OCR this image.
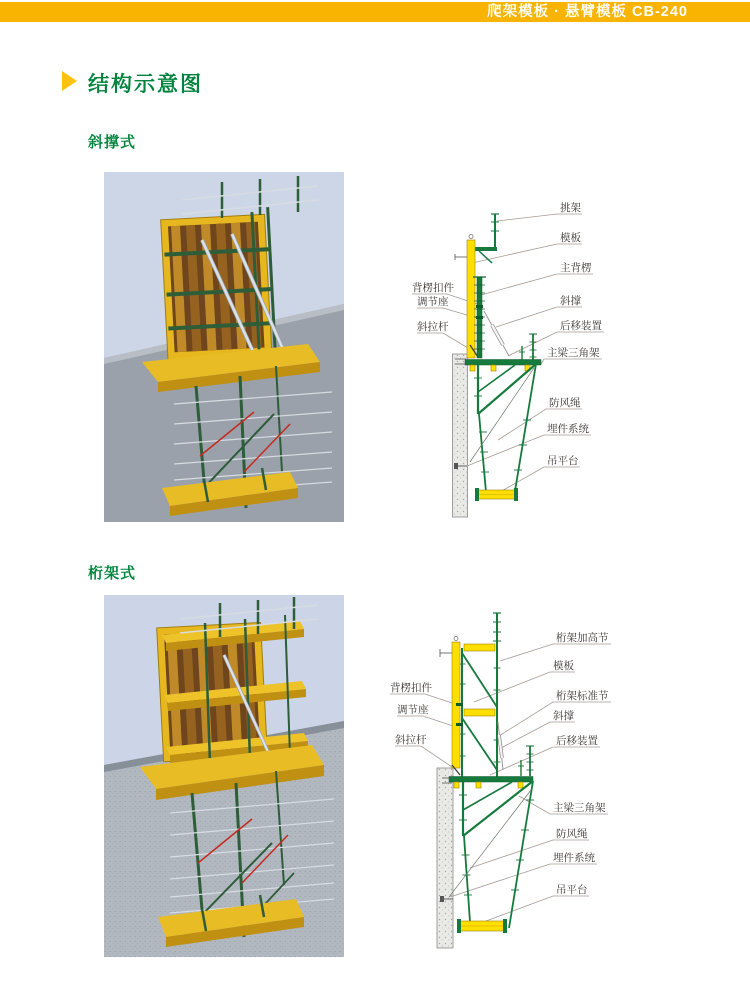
爬架模板 · 悬臂模板 CB-240
结构示意图
斜撑式
桁架式
挑架
模板
主背楞
斜撑
后移装置
主梁三角架
防风绳
埋件系统
吊平台
背楞扣件
调节座
斜拉杆
桁架加高节
模板
桁架标准节
斜撑
后移装置
主梁三角架
防风绳
埋件系统
吊平台
背楞扣件
调节座
斜拉杆
